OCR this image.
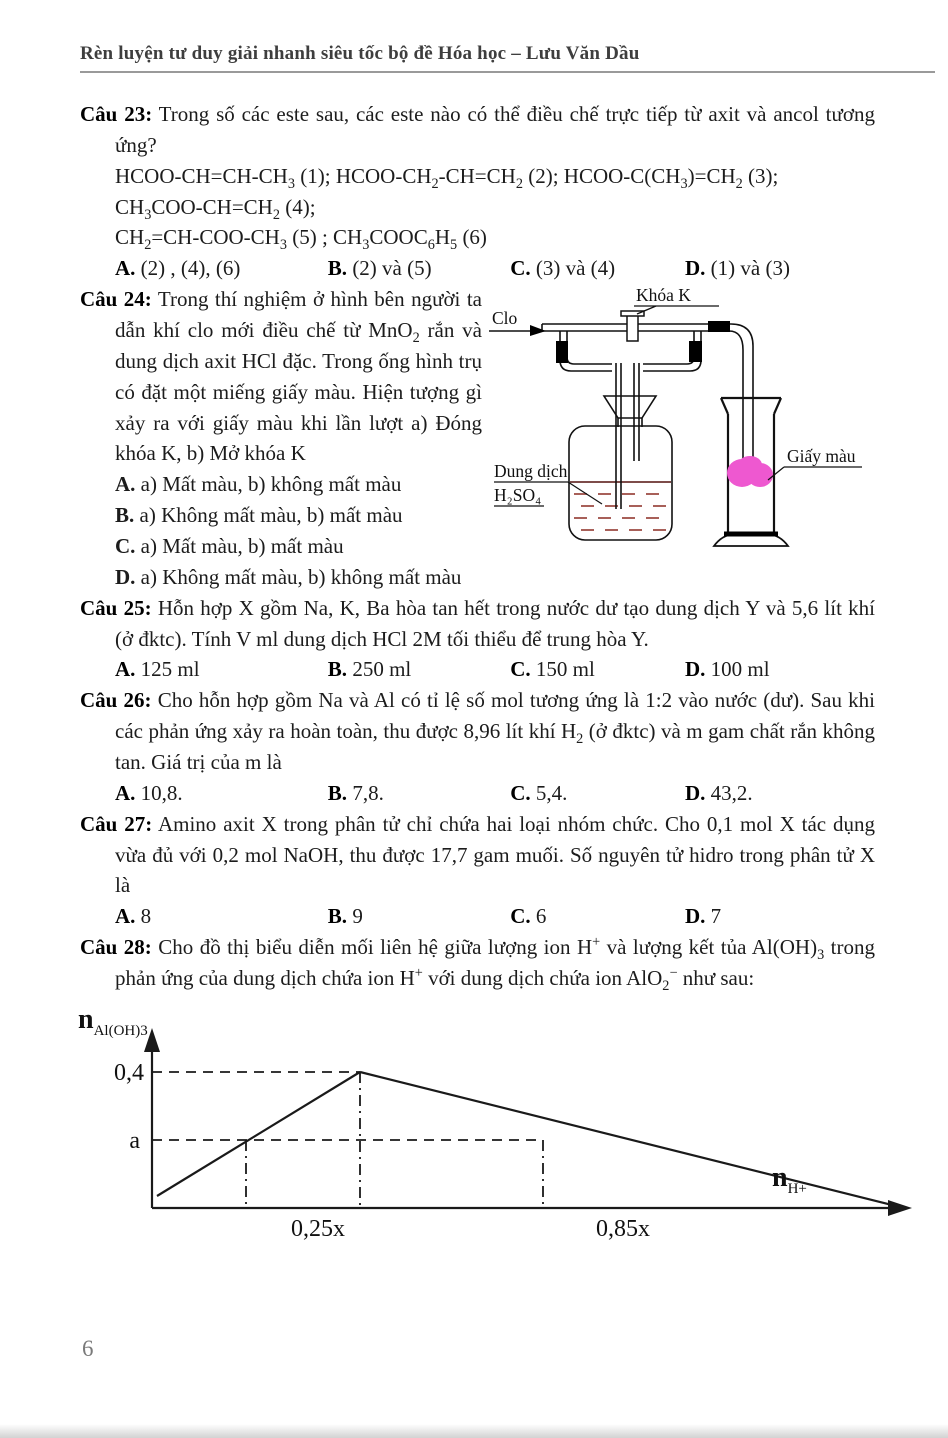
Rèn luyện tư duy giải nhanh siêu tốc bộ đề Hóa học – Lưu Văn Dầu

Câu 23: Trong số các este sau, các este nào có thể điều chế trực tiếp từ axit và ancol tương ứng?

HCOO-$CH=CH-CH_3$ (1); HCOO-$CH_2-CH=CH_2$ (2); HCOO-$C(CH_3)=CH_2$ (3);

$CH_3COO-CH=CH_2$ (4);

$CH_2=CH-COO-CH_3$ (5) ; $CH_3COOC_6H_5$ (6)

A. (2) , (4), (6)	B. (2) và (5)	C. (3) và (4)	D. (1) và (3)

Câu 24: Trong thí nghiệm ở hình bên người ta dẫn khí clo mới điều chế từ MnO$_2$ rắn và dung dịch axit HCl đặc. Trong ống hình trụ có đặt một miếng giấy màu. Hiện tượng gì xảy ra với giấy màu khi lần lượt a) Đóng khóa K, b) Mở khóa K

A. a) Mất màu, b) không mất màu

B. a) Không mất màu, b) mất màu

C. a) Mất màu, b) mất màu

D. a) Không mất màu, b) không mất màu

Khóa K
Clo
Dung dịch
H₂SO₄
Giấy màu

Câu 25: Hỗn hợp X gồm Na, K, Ba hòa tan hết trong nước dư tạo dung dịch Y và 5,6 lít khí (ở đktc). Tính V ml dung dịch HCl 2M tối thiểu để trung hòa Y.

A. 125 ml	B. 250 ml	C. 150 ml	D. 100 ml

Câu 26: Cho hỗn hợp gồm Na và Al có tỉ lệ số mol tương ứng là 1:2 vào nước (dư). Sau khi các phản ứng xảy ra hoàn toàn, thu được 8,96 lít khí $H_2$ (ở đktc) và m gam chất rắn không tan. Giá trị của m là

A. 10,8.	B. 7,8.	C. 5,4.	D. 43,2.

Câu 27: Amino axit X trong phân tử chỉ chứa hai loại nhóm chức. Cho 0,1 mol X tác dụng vừa đủ với 0,2 mol NaOH, thu được 17,7 gam muối. Số nguyên tử hidro trong phân tử X là

A. 8	B. 9	C. 6	D. 7

Câu 28: Cho đồ thị biểu diễn mối liên hệ giữa lượng ion H+ và lượng kết tủa $Al(OH)_3$ trong phản ứng của dung dịch chứa ion H+ với dung dịch chứa ion AlO$_2$− như sau:

$n_{Al(OH)3}$
0,4
a
$n_{H+}$
0,25x	0,85x
6
